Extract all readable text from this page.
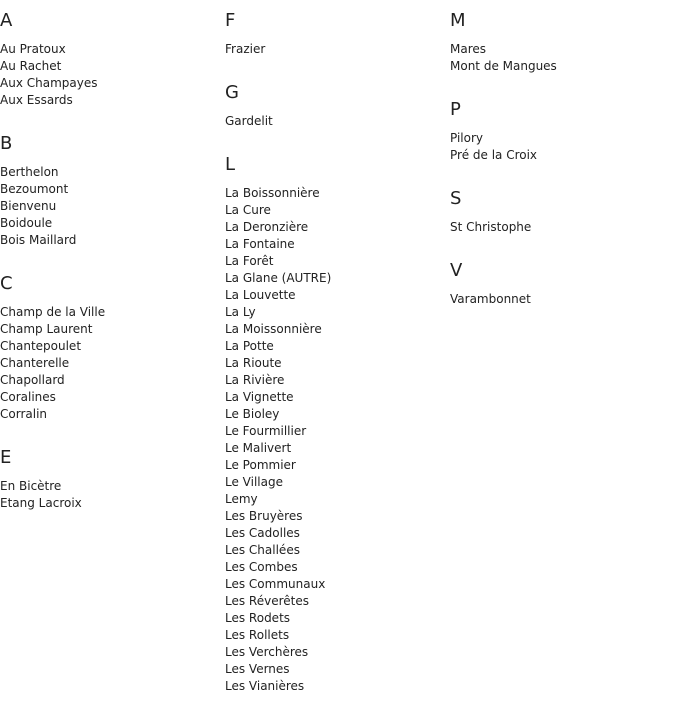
A
Au Pratoux
Au Rachet
Aux Champayes
Aux Essards
B
Berthelon
Bezoumont
Bienvenu
Boidoule
Bois Maillard
C
Champ de la Ville
Champ Laurent
Chantepoulet
Chanterelle
Chapollard
Coralines
Corralin
E
En Bicètre
Etang Lacroix
F
Frazier
G
Gardelit
L
La Boissonnière
La Cure
La Deronzière
La Fontaine
La Forêt
La Glane (AUTRE)
La Louvette
La Ly
La Moissonnière
La Potte
La Rioute
La Rivière
La Vignette
Le Bioley
Le Fourmillier
Le Malivert
Le Pommier
Le Village
Lemy
Les Bruyères
Les Cadolles
Les Challées
Les Combes
Les Communaux
Les Réverêtes
Les Rodets
Les Rollets
Les Verchères
Les Vernes
Les Vianières
M
Mares
Mont de Mangues
P
Pilory
Pré de la Croix
S
St Christophe
V
Varambonnet
